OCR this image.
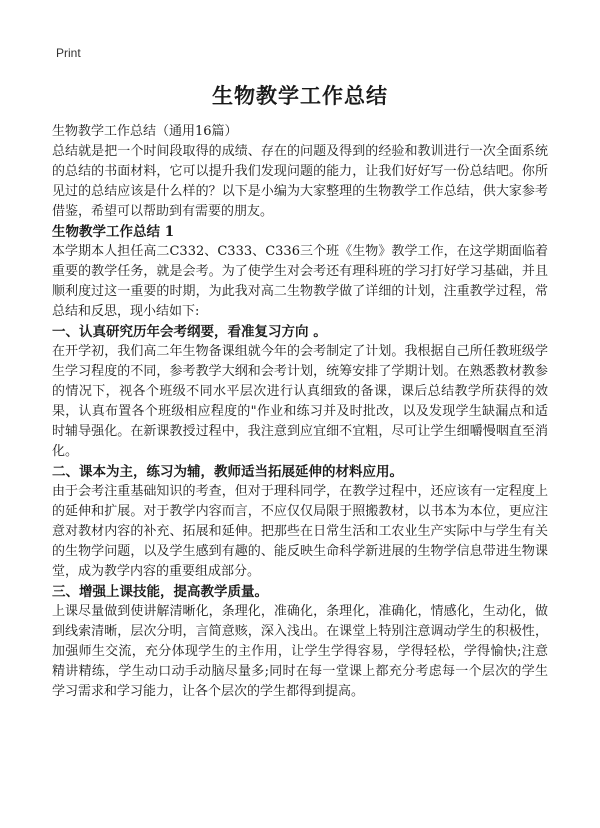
Print
生物教学工作总结
生物教学工作总结（通用16篇）

总结就是把一个时间段取得的成绩、存在的问题及得到的经验和教训进行一次全面系统的总结的书面材料，它可以提升我们发现问题的能力，让我们好好写一份总结吧。你所见过的总结应该是什么样的？以下是小编为大家整理的生物教学工作总结，供大家参考借鉴，希望可以帮助到有需要的朋友。

生物教学工作总结 1

本学期本人担任高二C332、C333、C336三个班《生物》教学工作，在这学期面临着重要的教学任务，就是会考。为了使学生对会考还有理科班的学习打好学习基础，并且顺利度过这一重要的时期，为此我对高二生物教学做了详细的计划，注重教学过程，常总结和反思，现小结如下:

一、认真研究历年会考纲要，看准复习方向 。

在开学初，我们高二年生物备课组就今年的会考制定了计划。我根据自己所任教班级学生学习程度的不同，参考教学大纲和会考计划，统筹安排了学期计划。在熟悉教材教参的情况下，视各个班级不同水平层次进行认真细致的备课，课后总结教学所获得的效果，认真布置各个班级相应程度的"作业和练习并及时批改，以及发现学生缺漏点和适时辅导强化。在新课教授过程中，我注意到应宜细不宜粗，尽可让学生细嚼慢咽直至消化。

二、课本为主，练习为辅，教师适当拓展延伸的材料应用。

由于会考注重基础知识的考查，但对于理科同学，在教学过程中，还应该有一定程度上的延伸和扩展。对于教学内容而言，不应仅仅局限于照搬教材，以书本为本位，更应注意对教材内容的补充、拓展和延伸。把那些在日常生活和工农业生产实际中与学生有关的生物学问题，以及学生感到有趣的、能反映生命科学新进展的生物学信息带进生物课堂，成为教学内容的重要组成部分。

三、增强上课技能，提高教学质量。

上课尽量做到使讲解清晰化，条理化，准确化，条理化，准确化，情感化，生动化，做到线索清晰，层次分明，言简意赅，深入浅出。在课堂上特别注意调动学生的积极性，加强师生交流，充分体现学生的主作用，让学生学得容易，学得轻松，学得愉快;注意精讲精练，学生动口动手动脑尽量多;同时在每一堂课上都充分考虑每一个层次的学生学习需求和学习能力，让各个层次的学生都得到提高。
